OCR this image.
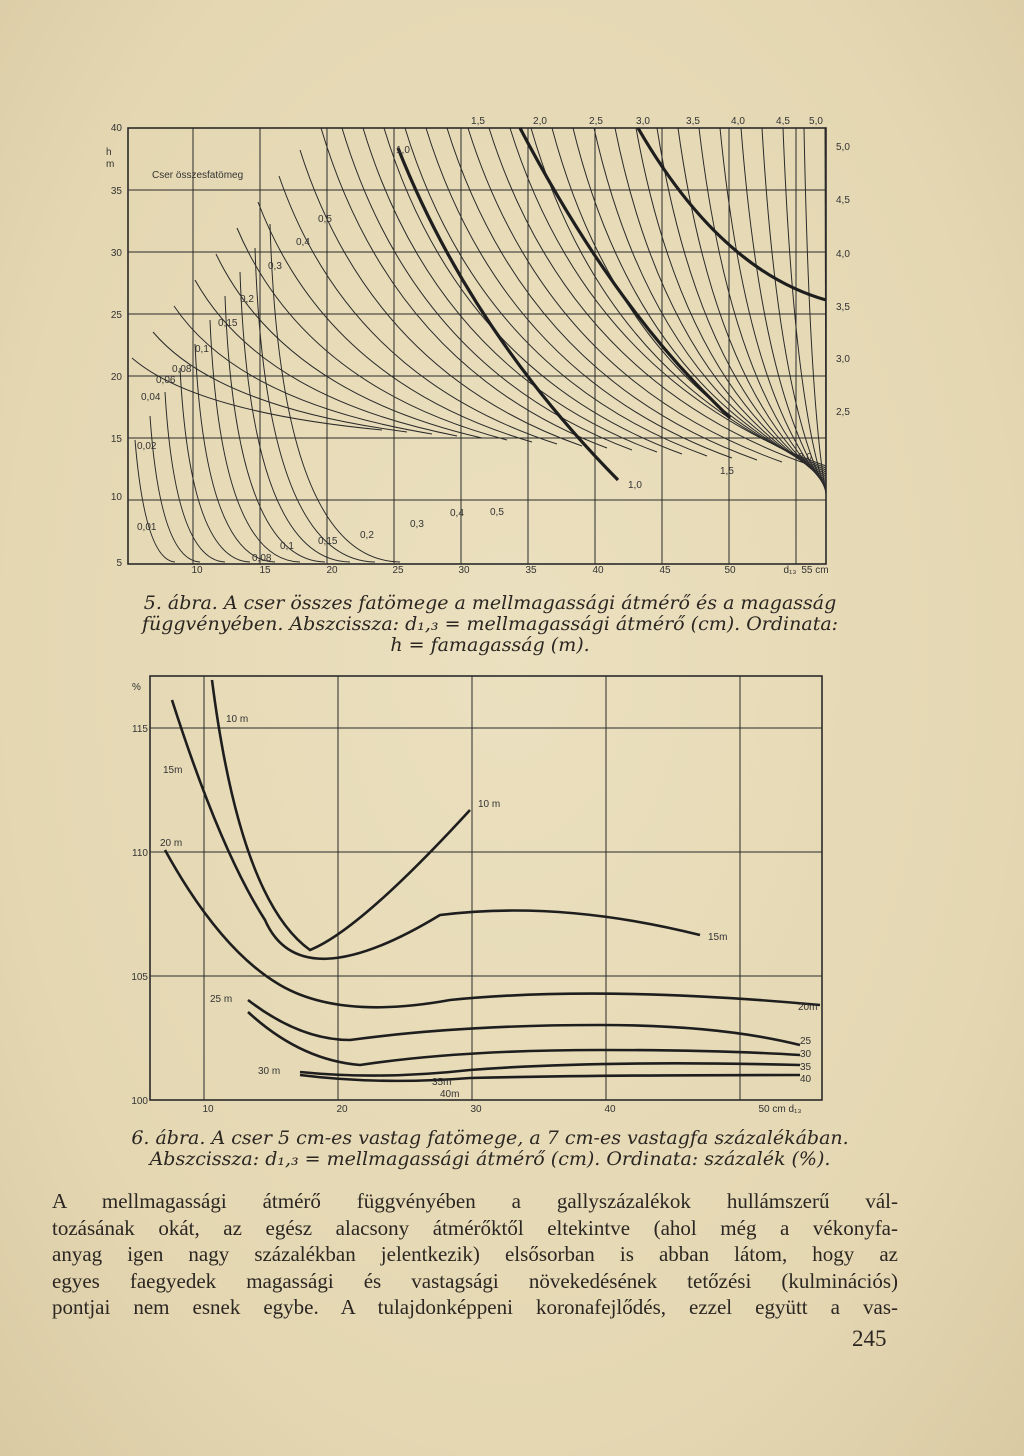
40
35
30
25
20
15
10
5
h
m
10	15	20	25	30	35	40	45	50	d₁₃ 55 cm
Cser összesfatömeg
1,5	2,0	2,5	3,0	3,5	4,0	4,5 5,0
5,0
4,5
4,0
3,5
3,0
2,5
2,0
1,5
1,0
0,5
0,4
0,3
0,2
0,15
0,1
0,08
0,06
0,04
0,02
0,01
0,08
0,1 0,15
0,2
0,3
0,4	0,5
1,0
5. ábra. A cser összes fatömege a mellmagassági átmérő és a magasság
függvényében. Abszcissza: d₁,₃ = mellmagassági átmérő (cm). Ordinata:
h = famagasság (m).
115
110
105
100
%
10	20	30	40	50 cm d₁₃
10 m
15m
20 m
10 m
15m
25 m
20m
30 m
25
30
35
40
35m
40m
6. ábra. A cser 5 cm-es vastag fatömege, a 7 cm-es vastagfa százalékában.
Abszcissza: d₁,₃ = mellmagassági átmérő (cm). Ordinata: százalék (%).
A mellmagassági átmérő függvényében a gallyszázalékok hullámszerű vál-
tozásának okát, az egész alacsony átmérőktől eltekintve (ahol még a vékonyfa-
anyag igen nagy százalékban jelentkezik) elsősorban is abban látom, hogy az
egyes faegyedek magassági és vastagsági növekedésének tetőzési (kulminációs)
pontjai nem esnek egybe. A tulajdonképpeni koronafejlődés, ezzel együtt a vas-
245
